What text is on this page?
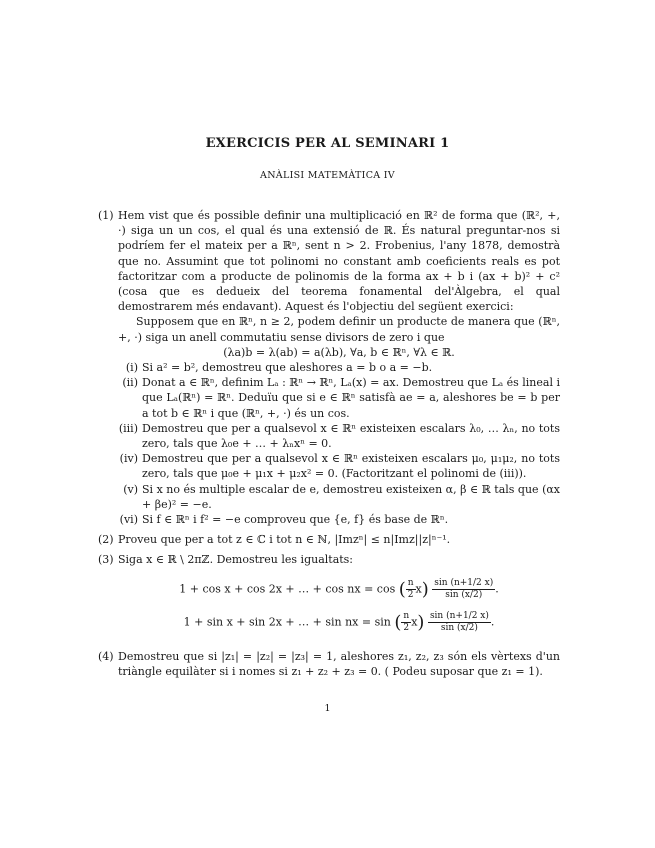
EXERCICIS PER AL SEMINARI 1
ANÀLISI MATEMÀTICA IV
(1) Hem vist que és possible definir una multiplicació en ℝ² de forma que (ℝ², +, ·) siga un un cos, el qual és una extensió de ℝ. És natural preguntar-nos si podríem fer el mateix per a ℝⁿ, sent n > 2. Frobenius, l'any 1878, demostrà que no. Assumint que tot polinomi no constant amb coeficients reals es pot factoritzar com a producte de polinomis de la forma ax + b i (ax + b)² + c² (cosa que es dedueix del teorema fonamental del'Àlgebra, el qual demostrarem més endavant). Aquest és l'objectiu del següent exercici:

Supposem que en ℝⁿ, n ≥ 2, podem definir un producte de manera que (ℝⁿ, +, ·) siga un anell commutatiu sense divisors de zero i que

(λa)b = λ(ab) = a(λb), ∀a, b ∈ ℝⁿ, ∀λ ∈ ℝ.

(i) Si a² = b², demostreu que aleshores a = b o a = −b.
(ii) Donat a ∈ ℝⁿ, definim Lₐ : ℝⁿ → ℝⁿ, Lₐ(x) = ax. Demostreu que Lₐ és lineal i que Lₐ(ℝⁿ) = ℝⁿ. Deduïu que si e ∈ ℝⁿ satisfà ae = a, aleshores be = b per a tot b ∈ ℝⁿ i que (ℝⁿ, +, ·) és un cos.
(iii) Demostreu que per a qualsevol x ∈ ℝⁿ existeixen escalars λ₀, … λₙ, no tots zero, tals que λ₀e + … + λₙxⁿ = 0.
(iv) Demostreu que per a qualsevol x ∈ ℝⁿ existeixen escalars μ₀, μ₁μ₂, no tots zero, tals que μ₀e + μ₁x + μ₂x² = 0. (Factoritzant el polinomi de (iii)).
(v) Si x no és multiple escalar de e, demostreu existeixen α, β ∈ ℝ tals que (αx + βe)² = −e.
(vi) Si f ∈ ℝⁿ i f² = −e comproveu que {e, f} és base de ℝⁿ.
(2) Proveu que per a tot z ∈ ℂ i tot n ∈ ℕ, |Imzⁿ| ≤ n|Imz||z|ⁿ⁻¹.

(3) Siga x ∈ ℝ \ 2πℤ. Demostreu les igualtats:

1 + cos x + cos 2x + … + cos nx = cos ( $\frac{n}{2} x) \frac{\sin (n+1/2 x)}{\sin (x/2)}$ .
1 + sin x + sin 2x + … + sin nx = sin ( $\frac{n}{2} x) \frac{\sin (n+1/2 x)}{\sin (x/2)}$ .
(4) Demostreu que si |z₁| = |z₂| = |z₃| = 1, aleshores z₁, z₂, z₃ són els vèrtexs d'un triàngle equilàter si i nomes si z₁ + z₂ + z₃ = 0. ( Podeu suposar que z₁ = 1).

1
